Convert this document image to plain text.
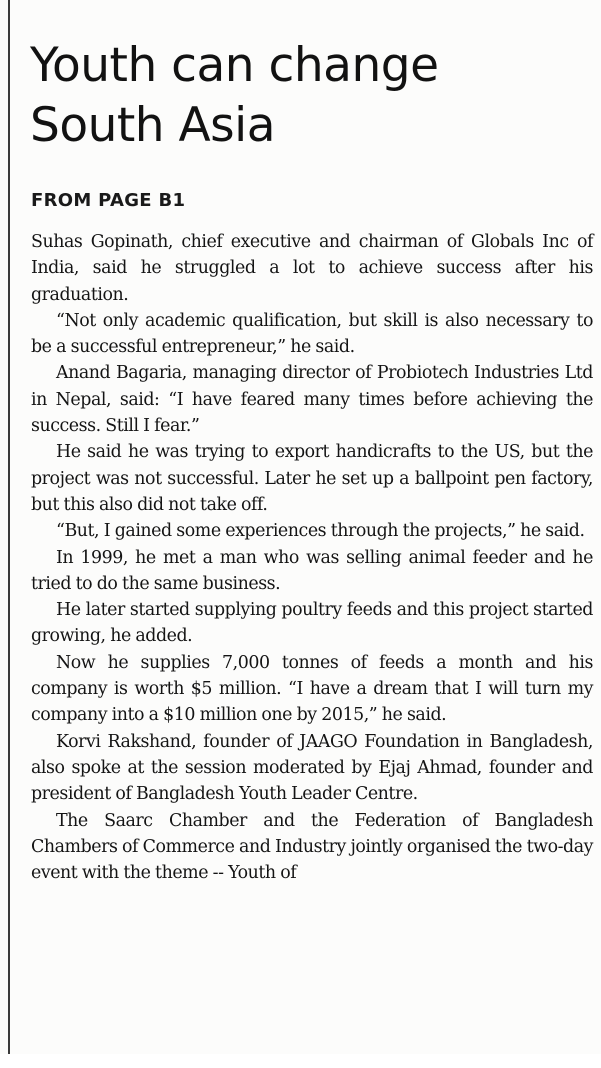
Youth can change
South Asia
FROM PAGE B1

Suhas Gopinath, chief executive and chairman of Globals Inc of India, said he struggled a lot to achieve success after his graduation.

“Not only academic qualification, but skill is also necessary to be a successful entrepreneur,” he said.

Anand Bagaria, managing director of Probiotech Industries Ltd in Nepal, said: “I have feared many times before achieving the success. Still I fear.”

He said he was trying to export handicrafts to the US, but the project was not successful. Later he set up a ballpoint pen factory, but this also did not take off.

“But, I gained some experiences through the projects,” he said.

In 1999, he met a man who was selling animal feeder and he tried to do the same business.

He later started supplying poultry feeds and this project started growing, he added.

Now he supplies 7,000 tonnes of feeds a month and his company is worth $5 million. “I have a dream that I will turn my company into a $10 million one by 2015,” he said.

Korvi Rakshand, founder of JAAGO Foundation in Bangladesh, also spoke at the session moderated by Ejaj Ahmad, founder and president of Bangladesh Youth Leader Centre.

The Saarc Chamber and the Federation of Bangladesh Chambers of Commerce and Industry jointly organised the two-day event with the theme -- Youth of
